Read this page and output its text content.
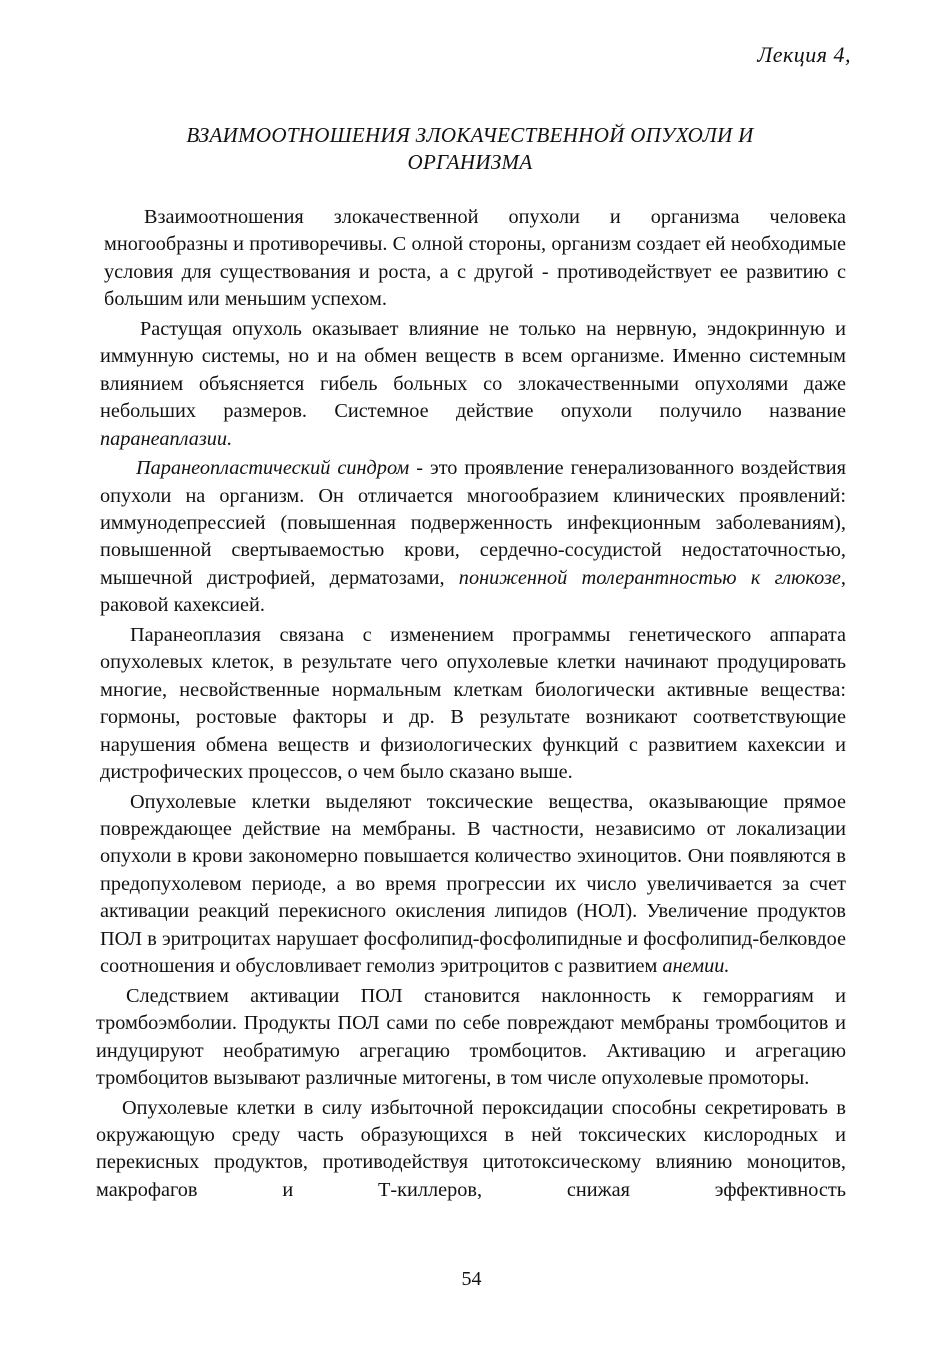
Лекция 4,
ВЗАИМООТНОШЕНИЯ ЗЛОКАЧЕСТВЕННОЙ ОПУХОЛИ И
ОРГАНИЗМА

Взаимоотношения злокачественной опухоли и организма человека многообразны и противоречивы. С олной стороны, организм создает ей необходимые условия для существования и роста, а с другой - противодействует ее развитию с большим или меньшим успехом.

Растущая опухоль оказывает влияние не только на нервную, эндокринную и иммунную системы, но и на обмен веществ в всем организме. Именно системным влиянием объясняется гибель больных со злокачественными опухолями даже небольших размеров. Системное действие опухоли получило название паранеаплазии.

Паранеопластический синдром - это проявление генерализованного воздействия опухоли на организм. Он отличается многообразием клинических проявлений: иммунодепрессией (повышенная подверженность инфекционным заболеваниям), повышенной свертываемостью крови, сердечно-сосудистой недостаточностью, мышечной дистрофией, дерматозами, пониженной толерантностью к глюкозе, раковой кахексией.

Паранеоплазия связана с изменением программы генетического аппарата опухолевых клеток, в результате чего опухолевые клетки начинают продуцировать многие, несвойственные нормальным клеткам биологически активные вещества: гормоны, ростовые факторы и др. В результате возникают соответствующие нарушения обмена веществ и физиологических функций с развитием кахексии и дистрофических процессов, о чем было сказано выше.

Опухолевые клетки выделяют токсические вещества, оказывающие прямое повреждающее действие на мембраны. В частности, независимо от локализации опухоли в крови закономерно повышается количество эхиноцитов. Они появляются в предопухолевом периоде, а во время прогрессии их число увеличивается за счет активации реакций перекисного окисления липидов (НОЛ). Увеличение продуктов ПОЛ в эритроцитах нарушает фосфолипид-фосфолипидные и фосфолипид-белковдое соотношения и обусловливает гемолиз эритроцитов с развитием анемии.

Следствием активации ПОЛ становится наклонность к геморрагиям и тромбоэмболии. Продукты ПОЛ сами по себе повреждают мембраны тромбоцитов и индуцируют необратимую агрегацию тромбоцитов. Активацию и агрегацию тромбоцитов вызывают различные митогены, в том числе опухолевые промоторы.

Опухолевые клетки в силу избыточной пероксидации способны секретировать в окружающую среду часть образующихся в ней токсических кислородных и перекисных продуктов, противодействуя цитотоксическому влиянию моноцитов, макрофагов и Т-киллеров, снижая эффективность

54
